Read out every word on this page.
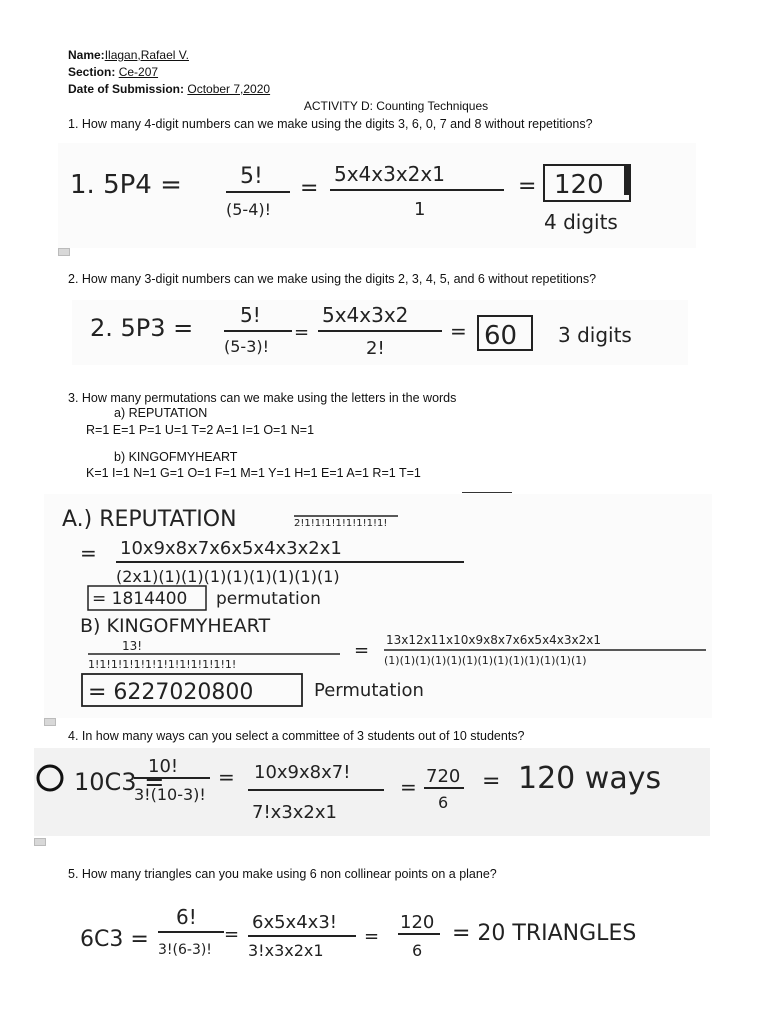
Name:Ilagan,Rafael V.
Section: Ce-207
Date of Submission: October 7,2020
ACTIVITY D: Counting Techniques
1. How many 4-digit numbers can we make using the digits 3, 6, 0, 7 and 8 without repetitions?
1. 5P4 =	5!
(5-4)!
=
5x4x3x2x1
1
= 120
4 digits
2. How many 3-digit numbers can we make using the digits 2, 3, 4, 5, and 6 without repetitions?
2. 5P3 = 5!
(5-3)!
=
5x4x3x2
2!
= 60 3 digits
3. How many permutations can we make using the letters in the words
a) REPUTATION
R=1 E=1 P=1 U=1 T=2 A=1 I=1 O=1 N=1
b) KINGOFMYHEART
K=1 I=1 N=1 G=1 O=1 F=1 M=1 Y=1 H=1 E=1 A=1 R=1 T=1
A.) REPUTATION	2!1!1!1!1!1!1!1!1!
= 10x9x8x7x6x5x4x3x2x1
(2x1)(1)(1)(1)(1)(1)(1)(1)(1)
= 1814400 permutation
B) KINGOFMYHEART
13!
1!1!1!1!1!1!1!1!1!1!1!1!1!
= 13x12x11x10x9x8x7x6x5x4x3x2x1
(1)(1)(1)(1)(1)(1)(1)(1)(1)(1)(1)(1)(1)
= 6227020800	Permutation
4. In how many ways can you select a committee of 3 students out of 10 students?
10C3 =
10!
3!(10-3)!
= 10x9x8x7!
7!x3x2x1
= 720
6
= 120 ways
5. How many triangles can you make using 6 non collinear points on a plane?
6C3 =
6!
3!(6-3)!
=
6x5x4x3!
3!x3x2x1
=
120
6
= 20 TRIANGLES
